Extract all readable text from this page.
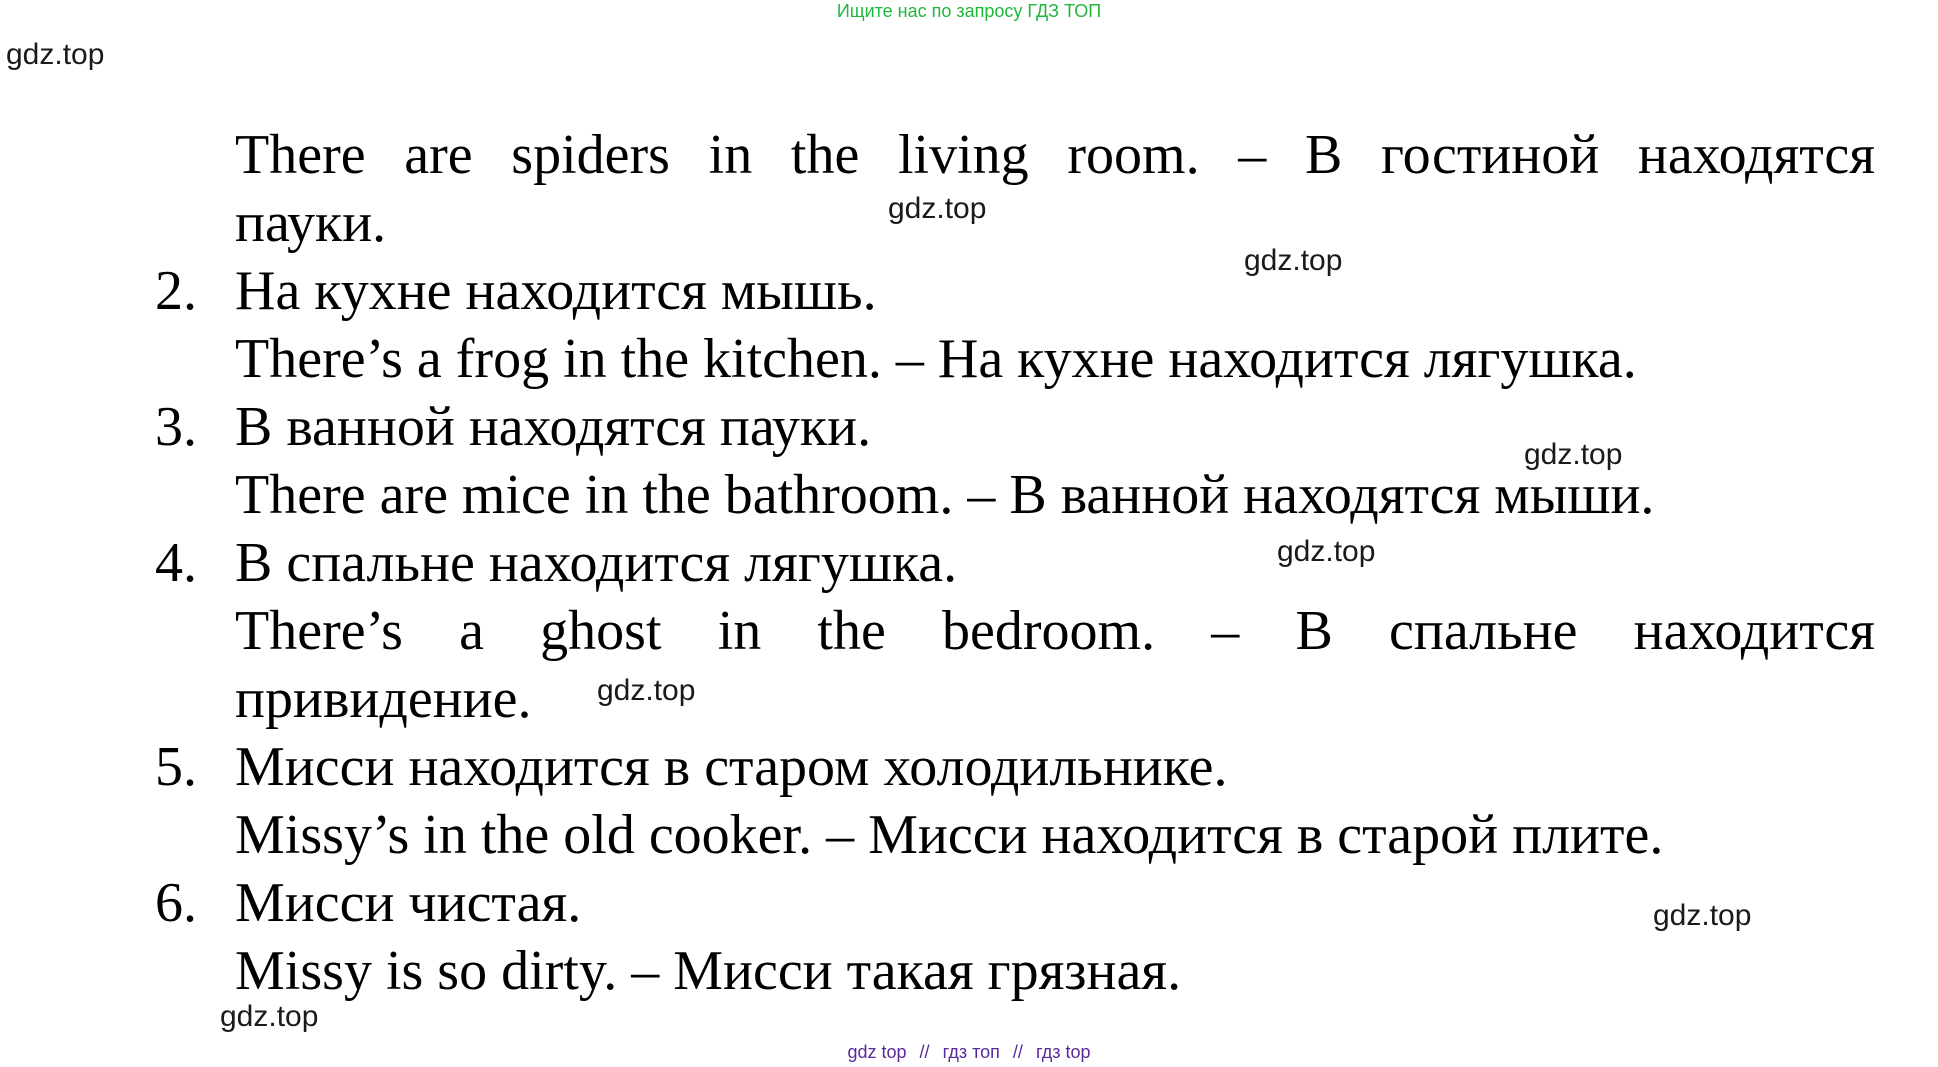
Ищите нас по запросу ГДЗ ТОП
gdz.top
There are spiders in the living room. – В гостиной находятся
пауки.
2. На кухне находится мышь.
There’s a frog in the kitchen. – На кухне находится лягушка.
3. В ванной находятся пауки.
There are mice in the bathroom. – В ванной находятся мыши.
4. В спальне находится лягушка.
There’s a ghost in the bedroom. – В спальне находится
привидение.
5. Мисси находится в старом холодильнике.
Missy’s in the old cooker. – Мисси находится в старой плите.
6. Мисси чистая.
Missy is so dirty. – Мисси такая грязная.
gdz.top
gdz.top
gdz.top
gdz.top
gdz.top
gdz.top
gdz.top
gdz top // гдз топ // гдз top
